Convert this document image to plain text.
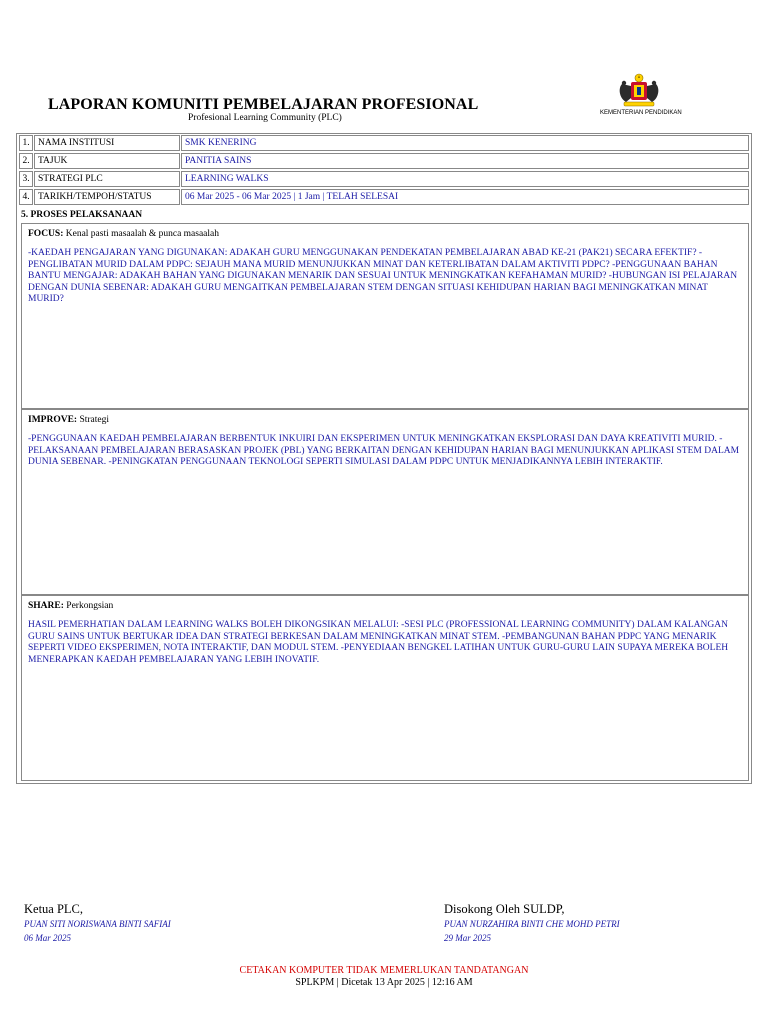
LAPORAN KOMUNITI PEMBELAJARAN PROFESIONAL
Profesional Learning Community (PLC)	KEMENTERIAN PENDIDIKAN
1. NAMA INSTITUSI	SMK KENERING
2. TAJUK	PANITIA SAINS
3. STRATEGI PLC	LEARNING WALKS
4. TARIKH/TEMPOH/STATUS	06 Mar 2025 - 06 Mar 2025 | 1 Jam | TELAH SELESAI
5. PROSES PELAKSANAAN
FOCUS: Kenal pasti masaalah & punca masaalah
-KAEDAH PENGAJARAN YANG DIGUNAKAN: ADAKAH GURU MENGGUNAKAN PENDEKATAN PEMBELAJARAN ABAD KE-21 (PAK21) SECARA EFEKTIF? -PENGLIBATAN MURID DALAM PDPC: SEJAUH MANA MURID MENUNJUKKAN MINAT DAN KETERLIBATAN DALAM AKTIVITI PDPC? -PENGGUNAAN BAHAN BANTU MENGAJAR: ADAKAH BAHAN YANG DIGUNAKAN MENARIK DAN SESUAI UNTUK MENINGKATKAN KEFAHAMAN MURID? -HUBUNGAN ISI PELAJARAN DENGAN DUNIA SEBENAR: ADAKAH GURU MENGAITKAN PEMBELAJARAN STEM DENGAN SITUASI KEHIDUPAN HARIAN BAGI MENINGKATKAN MINAT MURID?
IMPROVE: Strategi
-PENGGUNAAN KAEDAH PEMBELAJARAN BERBENTUK INKUIRI DAN EKSPERIMEN UNTUK MENINGKATKAN EKSPLORASI DAN DAYA KREATIVITI MURID. -PELAKSANAAN PEMBELAJARAN BERASASKAN PROJEK (PBL) YANG BERKAITAN DENGAN KEHIDUPAN HARIAN BAGI MENUNJUKKAN APLIKASI STEM DALAM DUNIA SEBENAR. -PENINGKATAN PENGGUNAAN TEKNOLOGI SEPERTI SIMULASI DALAM PDPC UNTUK MENJADIKANNYA LEBIH INTERAKTIF.
SHARE: Perkongsian
HASIL PEMERHATIAN DALAM LEARNING WALKS BOLEH DIKONGSIKAN MELALUI: -SESI PLC (PROFESSIONAL LEARNING COMMUNITY) DALAM KALANGAN GURU SAINS UNTUK BERTUKAR IDEA DAN STRATEGI BERKESAN DALAM MENINGKATKAN MINAT STEM. -PEMBANGUNAN BAHAN PDPC YANG MENARIK SEPERTI VIDEO EKSPERIMEN, NOTA INTERAKTIF, DAN MODUL STEM. -PENYEDIAAN BENGKEL LATIHAN UNTUK GURU-GURU LAIN SUPAYA MEREKA BOLEH MENERAPKAN KAEDAH PEMBELAJARAN YANG LEBIH INOVATIF.
Ketua PLC,
PUAN SITI NORISWANA BINTI SAFIAI
06 Mar 2025
Disokong Oleh SULDP,
PUAN NURZAHIRA BINTI CHE MOHD PETRI
29 Mar 2025
CETAKAN KOMPUTER TIDAK MEMERLUKAN TANDATANGAN
SPLKPM | Dicetak 13 Apr 2025 | 12:16 AM
